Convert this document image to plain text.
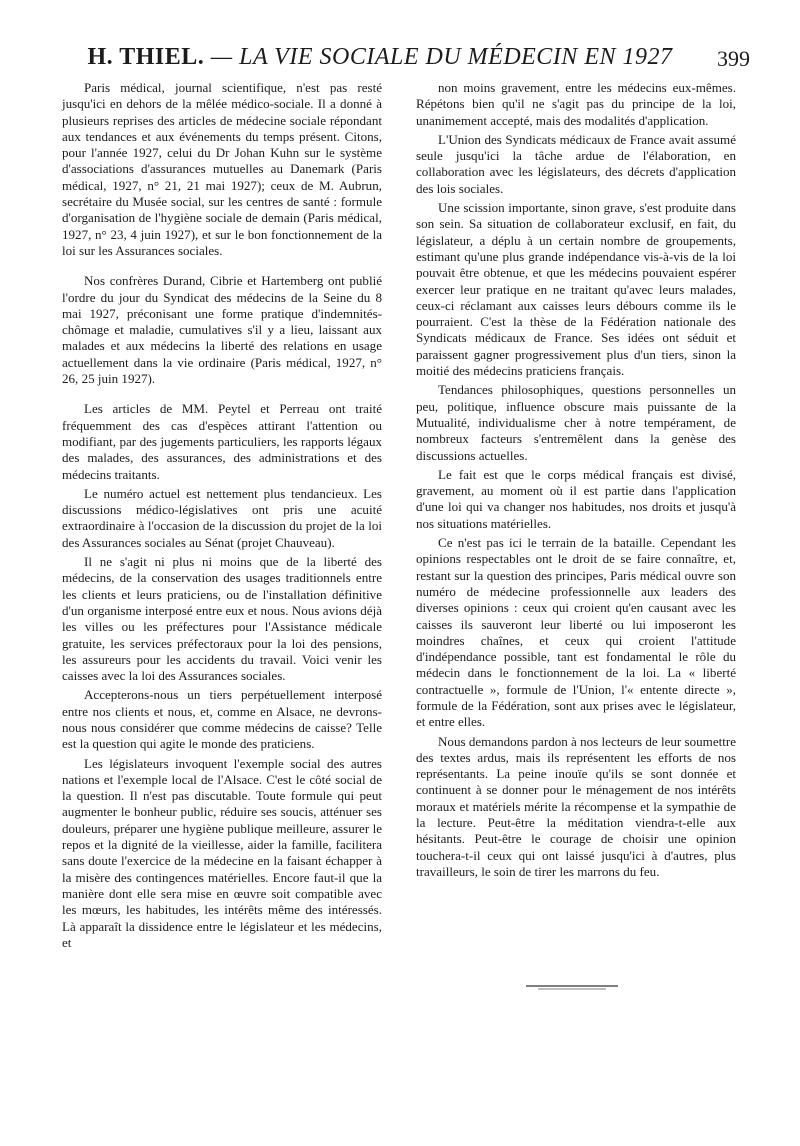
H. THIEL. — LA VIE SOCIALE DU MÉDECIN EN 1927	399

Paris médical, journal scientifique, n'est pas resté jusqu'ici en dehors de la mêlée médico-sociale. Il a donné à plusieurs reprises des articles de médecine sociale répondant aux tendances et aux événements du temps présent. Citons, pour l'année 1927, celui du Dr Johan Kuhn sur le système d'associations d'assurances mutuelles au Danemark (Paris médical, 1927, n° 21, 21 mai 1927); ceux de M. Aubrun, secrétaire du Musée social, sur les centres de santé : formule d'organisation de l'hygiène sociale de demain (Paris médical, 1927, n° 23, 4 juin 1927), et sur le bon fonctionnement de la loi sur les Assurances sociales.

Nos confrères Durand, Cibrie et Hartemberg ont publié l'ordre du jour du Syndicat des médecins de la Seine du 8 mai 1927, préconisant une forme pratique d'indemnités-chômage et maladie, cumulatives s'il y a lieu, laissant aux malades et aux médecins la liberté des relations en usage actuellement dans la vie ordinaire (Paris médical, 1927, n° 26, 25 juin 1927).

Les articles de MM. Peytel et Perreau ont traité fréquemment des cas d'espèces attirant l'attention ou modifiant, par des jugements particuliers, les rapports légaux des malades, des assurances, des administrations et des médecins traitants.

Le numéro actuel est nettement plus tendancieux. Les discussions médico-législatives ont pris une acuité extraordinaire à l'occasion de la discussion du projet de la loi des Assurances sociales au Sénat (projet Chauveau).

Il ne s'agit ni plus ni moins que de la liberté des médecins, de la conservation des usages traditionnels entre les clients et leurs praticiens, ou de l'installation définitive d'un organisme interposé entre eux et nous. Nous avions déjà les villes ou les préfectures pour l'Assistance médicale gratuite, les services préfectoraux pour la loi des pensions, les assureurs pour les accidents du travail. Voici venir les caisses avec la loi des Assurances sociales.

Accepterons-nous un tiers perpétuellement interposé entre nos clients et nous, et, comme en Alsace, ne devrons-nous nous considérer que comme médecins de caisse? Telle est la question qui agite le monde des praticiens.

Les législateurs invoquent l'exemple social des autres nations et l'exemple local de l'Alsace. C'est le côté social de la question. Il n'est pas discutable. Toute formule qui peut augmenter le bonheur public, réduire ses soucis, atténuer ses douleurs, préparer une hygiène publique meilleure, assurer le repos et la dignité de la vieillesse, aider la famille, facilitera sans doute l'exercice de la médecine en la faisant échapper à la misère des contingences matérielles. Encore faut-il que la manière dont elle sera mise en œuvre soit compatible avec les mœurs, les habitudes, les intérêts même des intéressés. Là apparaît la dissidence entre le législateur et les médecins, et

non moins gravement, entre les médecins eux-mêmes. Répétons bien qu'il ne s'agit pas du principe de la loi, unanimement accepté, mais des modalités d'application.

L'Union des Syndicats médicaux de France avait assumé seule jusqu'ici la tâche ardue de l'élaboration, en collaboration avec les législateurs, des décrets d'application des lois sociales.

Une scission importante, sinon grave, s'est produite dans son sein. Sa situation de collaborateur exclusif, en fait, du législateur, a déplu à un certain nombre de groupements, estimant qu'une plus grande indépendance vis-à-vis de la loi pouvait être obtenue, et que les médecins pouvaient espérer exercer leur pratique en ne traitant qu'avec leurs malades, ceux-ci réclamant aux caisses leurs débours comme ils le pourraient. C'est la thèse de la Fédération nationale des Syndicats médicaux de France. Ses idées ont séduit et paraissent gagner progressivement plus d'un tiers, sinon la moitié des médecins praticiens français.

Tendances philosophiques, questions personnelles un peu, politique, influence obscure mais puissante de la Mutualité, individualisme cher à notre tempérament, de nombreux facteurs s'entremêlent dans la genèse des discussions actuelles.

Le fait est que le corps médical français est divisé, gravement, au moment où il est partie dans l'application d'une loi qui va changer nos habitudes, nos droits et jusqu'à nos situations matérielles.

Ce n'est pas ici le terrain de la bataille. Cependant les opinions respectables ont le droit de se faire connaître, et, restant sur la question des principes, Paris médical ouvre son numéro de médecine professionnelle aux leaders des diverses opinions : ceux qui croient qu'en causant avec les caisses ils sauveront leur liberté ou lui imposeront les moindres chaînes, et ceux qui croient l'attitude d'indépendance possible, tant est fondamental le rôle du médecin dans le fonctionnement de la loi. La « liberté contractuelle », formule de l'Union, l'« entente directe », formule de la Fédération, sont aux prises avec le législateur, et entre elles.

Nous demandons pardon à nos lecteurs de leur soumettre des textes ardus, mais ils représentent les efforts de nos représentants. La peine inouïe qu'ils se sont donnée et continuent à se donner pour le ménagement de nos intérêts moraux et matériels mérite la récompense et la sympathie de la lecture. Peut-être la méditation viendra-t-elle aux hésitants. Peut-être le courage de choisir une opinion touchera-t-il ceux qui ont laissé jusqu'ici à d'autres, plus travailleurs, le soin de tirer les marrons du feu.
